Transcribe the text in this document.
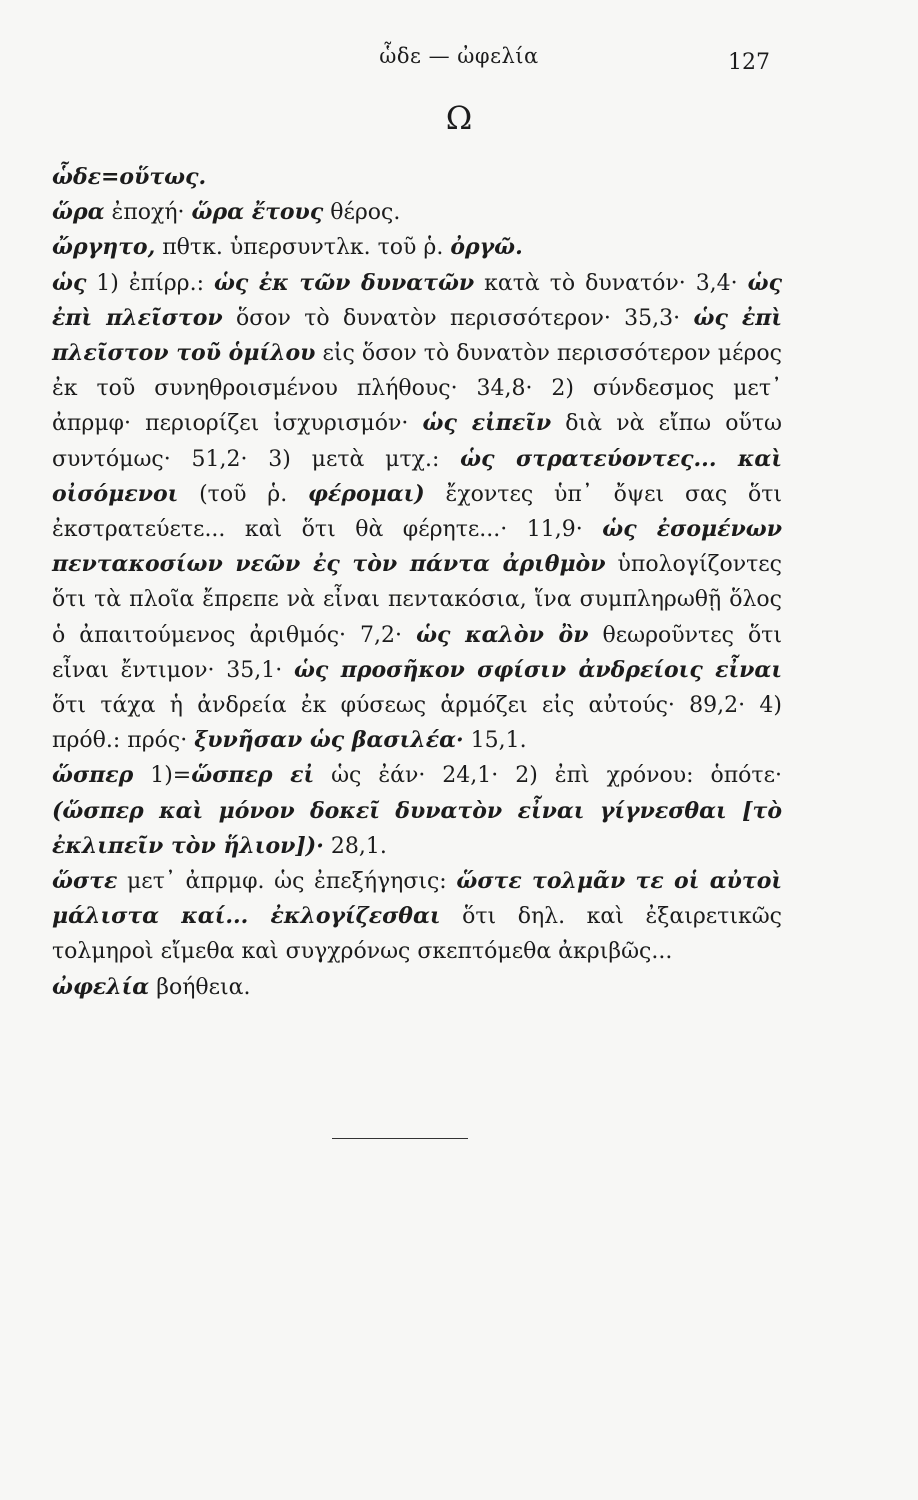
ὧδε — ὠφελία	127
Ω

ὧδε=οὕτως.

ὥρα ἐποχή· ὥρα ἔτους θέρος.

ὤργητο, πθτκ. ὑπερσυντλκ. τοῦ ῥ. ὀργῶ.

ὡς 1) ἐπίρρ.: ὡς ἐκ τῶν δυνατῶν κατὰ τὸ δυνατόν· 3,4· ὡς ἐπὶ πλεῖστον ὅσον τὸ δυνατὸν περισσότερον· 35,3· ὡς ἐπὶ πλεῖστον τοῦ ὁμίλου εἰς ὅσον τὸ δυνατὸν περισσότερον μέρος ἐκ τοῦ συνηθροισμένου πλήθους· 34,8· 2) σύνδεσμος μετ᾽ ἀπρμφ· περιορίζει ἰσχυρισμόν· ὡς εἰπεῖν διὰ νὰ εἴπω οὕτω συντόμως· 51,2· 3) μετὰ μτχ.: ὡς στρατεύοντες... καὶ οἰσόμενοι (τοῦ ῥ. φέρομαι) ἔχοντες ὑπ᾽ ὄψει σας ὅτι ἐκστρατεύετε... καὶ ὅτι θὰ φέρητε...· 11,9· ὡς ἐσομένων πεντακοσίων νεῶν ἐς τὸν πάντα ἀριθμὸν ὑπολογίζοντες ὅτι τὰ πλοῖα ἔπρεπε νὰ εἶναι πεντακόσια, ἵνα συμπληρωθῇ ὅλος ὁ ἀπαιτούμενος ἀριθμός· 7,2· ὡς καλὸν ὂν θεωροῦντες ὅτι εἶναι ἔντιμον· 35,1· ὡς προσῆκον σφίσιν ἀνδρείοις εἶναι ὅτι τάχα ἡ ἀνδρεία ἐκ φύσεως ἁρμόζει εἰς αὐτούς· 89,2· 4) πρόθ.: πρός· ξυνῆσαν ὡς βασιλέα· 15,1.

ὥσπερ 1)=ὥσπερ εἰ ὡς ἐάν· 24,1· 2) ἐπὶ χρόνου: ὁπότε· (ὥσπερ καὶ μόνον δοκεῖ δυνατὸν εἶναι γίγνεσθαι [τὸ ἐκλιπεῖν τὸν ἥλιον])· 28,1.

ὥστε μετ᾽ ἀπρμφ. ὡς ἐπεξήγησις: ὥστε τολμᾶν τε οἱ αὐτοὶ μάλιστα καί... ἐκλογίζεσθαι ὅτι δηλ. καὶ ἐξαιρετικῶς τολμηροὶ εἴμεθα καὶ συγχρόνως σκεπτόμεθα ἀκριβῶς...

ὠφελία βοήθεια.
